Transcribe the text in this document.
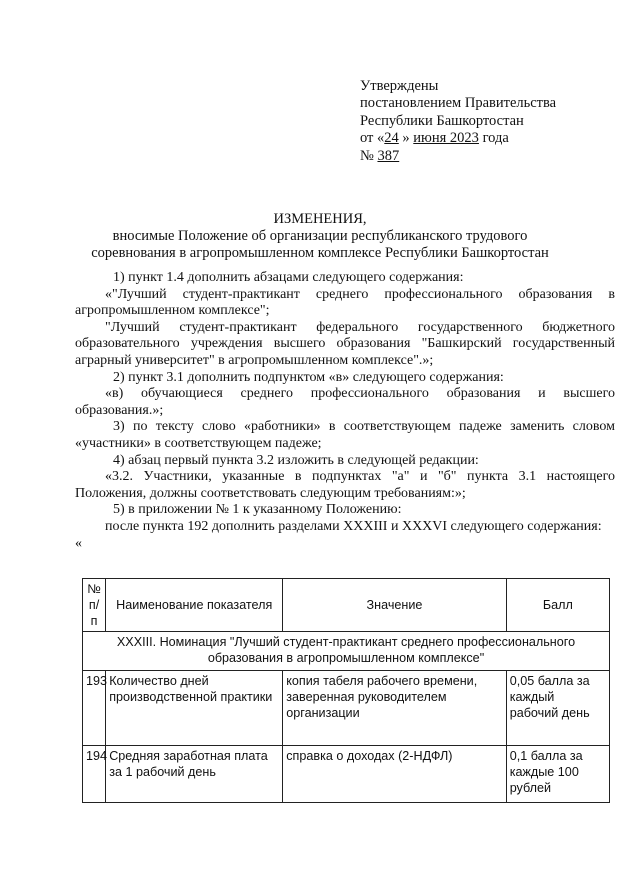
Утверждены
постановлением Правительства
Республики Башкортостан
от «24 » июня 2023 года
№ 387
ИЗМЕНЕНИЯ,
вносимые Положение об организации республиканского трудового
соревнования в агропромышленном комплексе Республики Башкортостан

1) пункт 1.4 дополнить абзацами следующего содержания:

«"Лучший студент-практикант среднего профессионального образования в агропромышленном комплексе";

"Лучший студент-практикант федерального государственного бюджетного образовательного учреждения высшего образования "Башкирский государственный аграрный университет" в агропромышленном комплексе".»;

2) пункт 3.1 дополнить подпунктом «в» следующего содержания:

«в) обучающиеся среднего профессионального образования и высшего образования.»;

3) по тексту слово «работники» в соответствующем падеже заменить словом «участники» в соответствующем падеже;

4) абзац первый пункта 3.2 изложить в следующей редакции:

«3.2. Участники, указанные в подпунктах "а" и "б" пункта 3.1 настоящего Положения, должны соответствовать следующим требованиям:»;

5) в приложении № 1 к указанному Положению:

после пункта 192 дополнить разделами XXXIII и XXXVI следующего содержания:

«

№ п/п	Наименование показателя	Значение	Балл
XXXIII. Номинация "Лучший студент-практикант среднего профессионального образования в агропромышленном комплексе"			
193	Количество дней производственной практики	копия табеля рабочего времени, заверенная руководителем организации	0,05 балла за каждый рабочий день
194	Средняя заработная плата за 1 рабочий день	справка о доходах (2-НДФЛ)	0,1 балла за каждые 100 рублей
